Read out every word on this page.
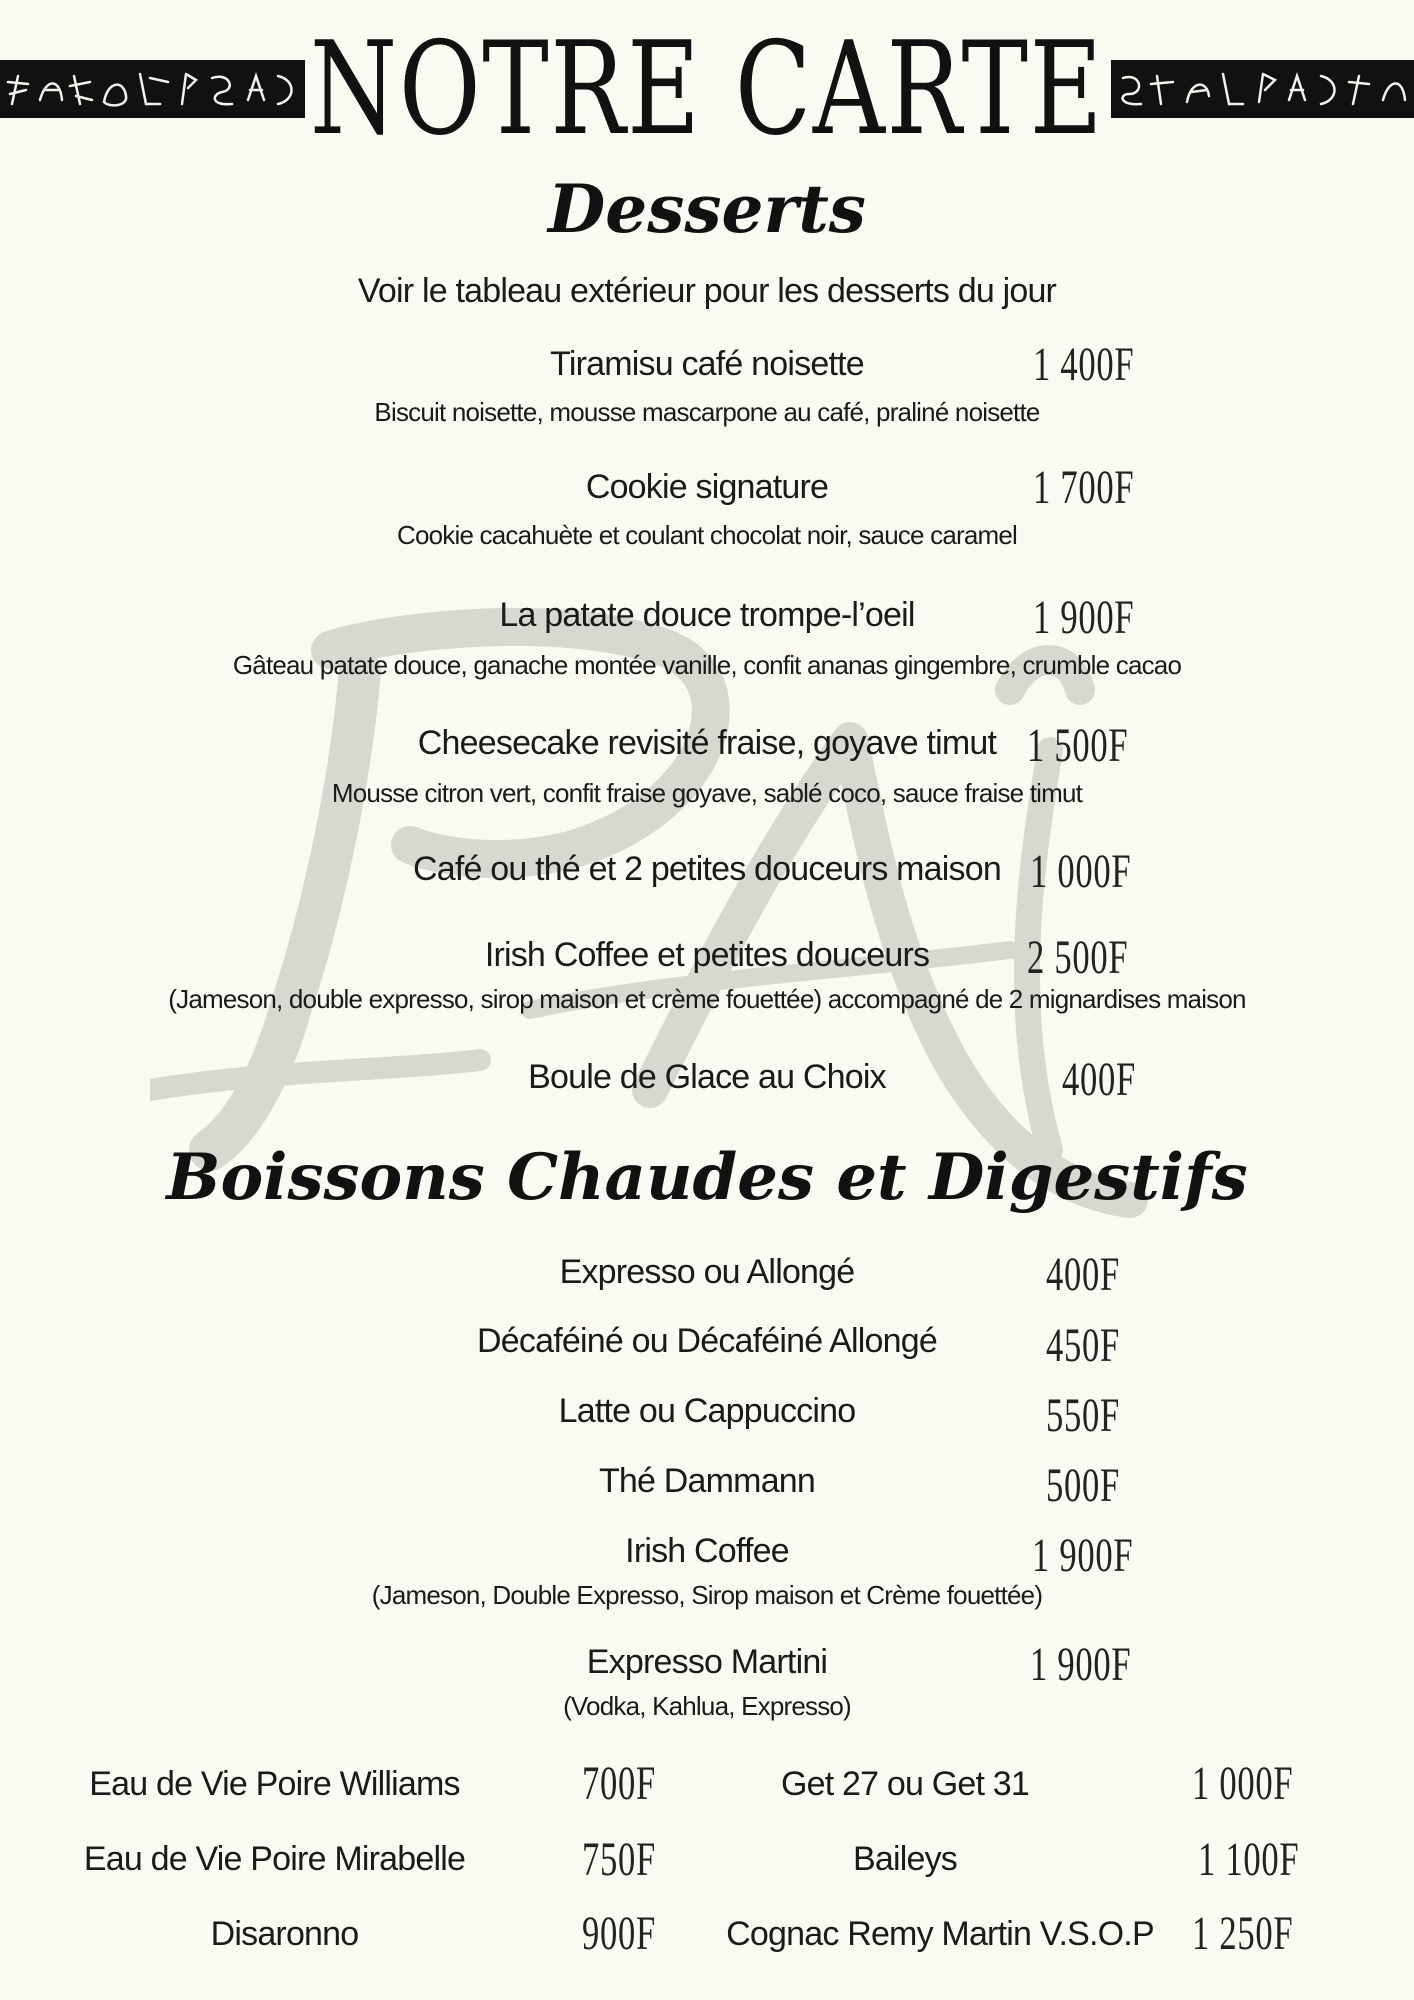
NOTRE CARTE
Desserts
Voir le tableau extérieur pour les desserts du jour
Tiramisu café noisette	1 400F
Biscuit noisette, mousse mascarpone au café, praliné noisette
Cookie signature	1 700F
Cookie cacahuète et coulant chocolat noir, sauce caramel
La patate douce trompe-l’oeil	1 900F
Gâteau patate douce, ganache montée vanille, confit ananas gingembre, crumble cacao
Cheesecake revisité fraise, goyave timut 1 500F
Mousse citron vert, confit fraise goyave, sablé coco, sauce fraise timut
Café ou thé et 2 petites douceurs maison 1 000F
Irish Coffee et petites douceurs	2 500F
(Jameson, double expresso, sirop maison et crème fouettée) accompagné de 2 mignardises maison
Boule de Glace au Choix	400F
Boissons Chaudes et Digestifs
Expresso ou Allongé	400F
Décaféiné ou Décaféiné Allongé	450F
Latte ou Cappuccino	550F
Thé Dammann	500F
Irish Coffee	1 900F
(Jameson, Double Expresso, Sirop maison et Crème fouettée)
Expresso Martini	1 900F
(Vodka, Kahlua, Expresso)
Eau de Vie Poire Williams	700F
Eau de Vie Poire Mirabelle 750F
Disaronno	900F
Get 27 ou Get 31	1 000F
Baileys	1 100F
Cognac Remy Martin V.S.O.P 1 250F
